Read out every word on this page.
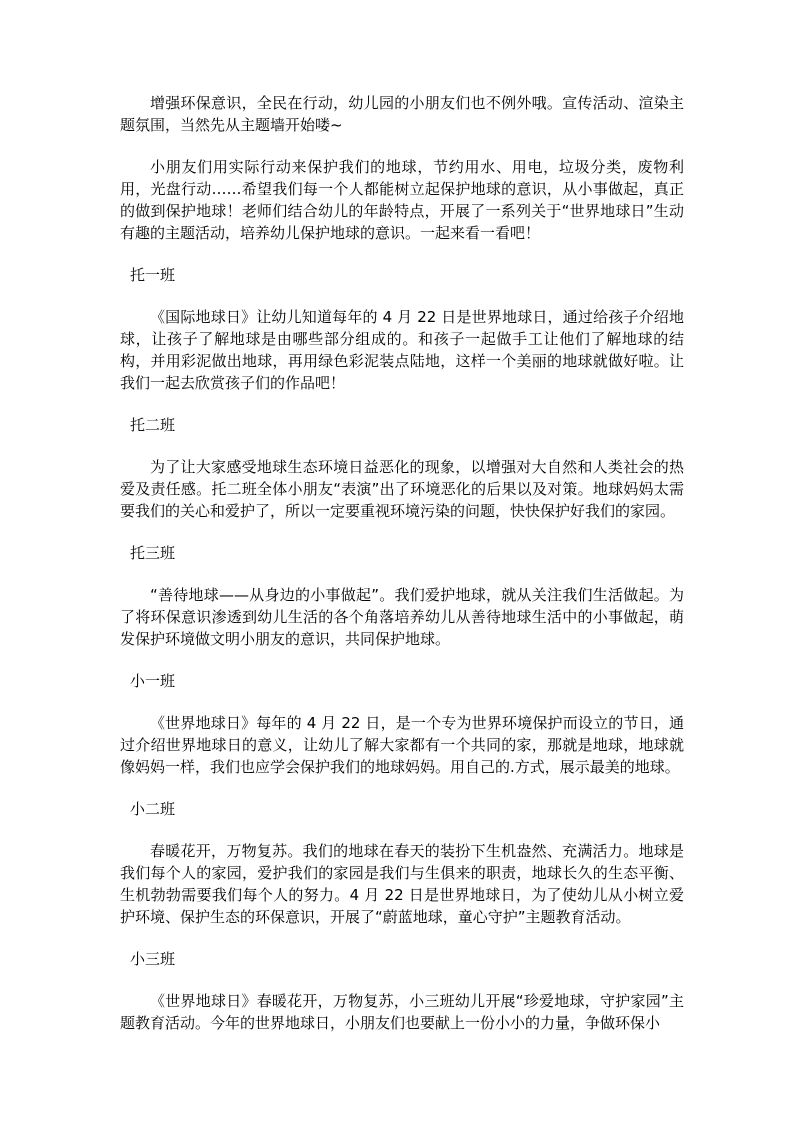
增强环保意识，全民在行动，幼儿园的小朋友们也不例外哦。宣传活动、渲染主题氛围，当然先从主题墙开始喽~

小朋友们用实际行动来保护我们的地球，节约用水、用电，垃圾分类，废物利用，光盘行动……希望我们每一个人都能树立起保护地球的意识，从小事做起，真正的做到保护地球！老师们结合幼儿的年龄特点，开展了一系列关于“世界地球日”生动有趣的主题活动，培养幼儿保护地球的意识。一起来看一看吧！

托一班

《国际地球日》让幼儿知道每年的 4 月 22 日是世界地球日，通过给孩子介绍地球，让孩子了解地球是由哪些部分组成的。和孩子一起做手工让他们了解地球的结构，并用彩泥做出地球，再用绿色彩泥装点陆地，这样一个美丽的地球就做好啦。让我们一起去欣赏孩子们的作品吧！

托二班

为了让大家感受地球生态环境日益恶化的现象，以增强对大自然和人类社会的热爱及责任感。托二班全体小朋友“表演”出了环境恶化的后果以及对策。地球妈妈太需要我们的关心和爱护了，所以一定要重视环境污染的问题，快快保护好我们的家园。

托三班

“善待地球——从身边的小事做起”。我们爱护地球，就从关注我们生活做起。为了将环保意识渗透到幼儿生活的各个角落培养幼儿从善待地球生活中的小事做起，萌发保护环境做文明小朋友的意识，共同保护地球。

小一班

《世界地球日》每年的 4 月 22 日，是一个专为世界环境保护而设立的节日，通过介绍世界地球日的意义，让幼儿了解大家都有一个共同的家，那就是地球，地球就像妈妈一样，我们也应学会保护我们的地球妈妈。用自己的.方式，展示最美的地球。

小二班

春暖花开，万物复苏。我们的地球在春天的装扮下生机盎然、充满活力。地球是我们每个人的家园，爱护我们的家园是我们与生俱来的职责，地球长久的生态平衡、生机勃勃需要我们每个人的努力。4 月 22 日是世界地球日，为了使幼儿从小树立爱护环境、保护生态的环保意识，开展了“蔚蓝地球，童心守护”主题教育活动。

小三班

《世界地球日》春暖花开，万物复苏，小三班幼儿开展“珍爱地球，守护家园”主题教育活动。今年的世界地球日，小朋友们也要献上一份小小的力量，争做环保小
